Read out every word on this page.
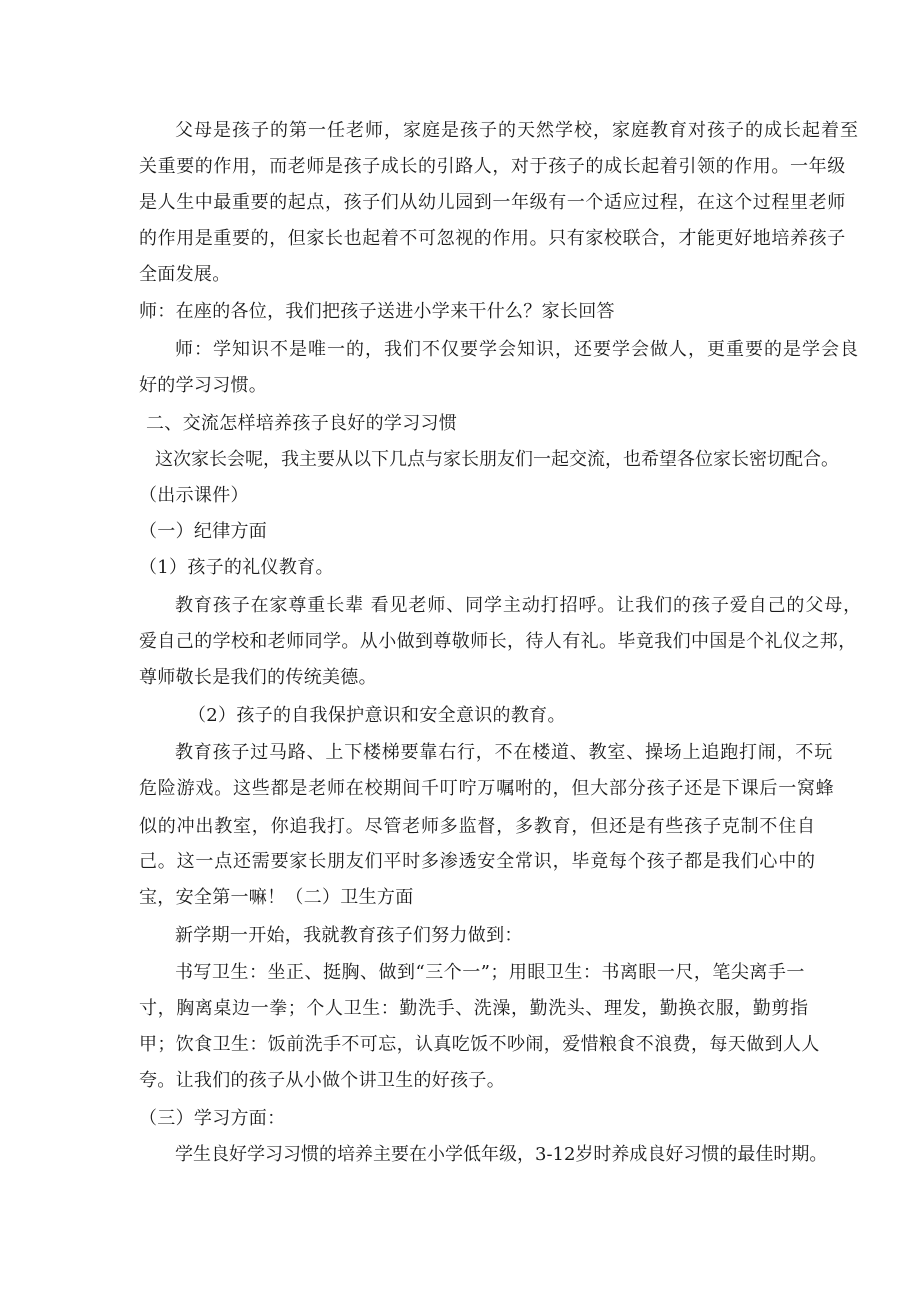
父母是孩子的第一任老师，家庭是孩子的天然学校，家庭教育对孩子的成长起着至
关重要的作用，而老师是孩子成长的引路人，对于孩子的成长起着引领的作用。一年级
是人生中最重要的起点，孩子们从幼儿园到一年级有一个适应过程，在这个过程里老师
的作用是重要的，但家长也起着不可忽视的作用。只有家校联合，才能更好地培养孩子
全面发展。
师：在座的各位，我们把孩子送进小学来干什么？家长回答
师：学知识不是唯一的，我们不仅要学会知识，还要学会做人，更重要的是学会良
好的学习习惯。
二、交流怎样培养孩子良好的学习习惯
这次家长会呢，我主要从以下几点与家长朋友们一起交流，也希望各位家长密切配合。
（出示课件）
（一）纪律方面
（1）孩子的礼仪教育。
教育孩子在家尊重长辈 看见老师、同学主动打招呼。让我们的孩子爱自己的父母，
爱自己的学校和老师同学。从小做到尊敬师长，待人有礼。毕竟我们中国是个礼仪之邦，
尊师敬长是我们的传统美德。
（2）孩子的自我保护意识和安全意识的教育。
教育孩子过马路、上下楼梯要靠右行，不在楼道、教室、操场上追跑打闹，不玩
危险游戏。这些都是老师在校期间千叮咛万嘱咐的，但大部分孩子还是下课后一窝蜂
似的冲出教室，你追我打。尽管老师多监督，多教育，但还是有些孩子克制不住自
己。这一点还需要家长朋友们平时多渗透安全常识，毕竟每个孩子都是我们心中的
宝，安全第一嘛！（二）卫生方面
新学期一开始，我就教育孩子们努力做到：
书写卫生：坐正、挺胸、做到“三个一”；用眼卫生：书离眼一尺，笔尖离手一
寸，胸离桌边一拳；个人卫生：勤洗手、洗澡，勤洗头、理发，勤换衣服，勤剪指
甲；饮食卫生：饭前洗手不可忘，认真吃饭不吵闹，爱惜粮食不浪费，每天做到人人
夸。让我们的孩子从小做个讲卫生的好孩子。
（三）学习方面：
学生良好学习习惯的培养主要在小学低年级，3-12岁时养成良好习惯的最佳时期。
